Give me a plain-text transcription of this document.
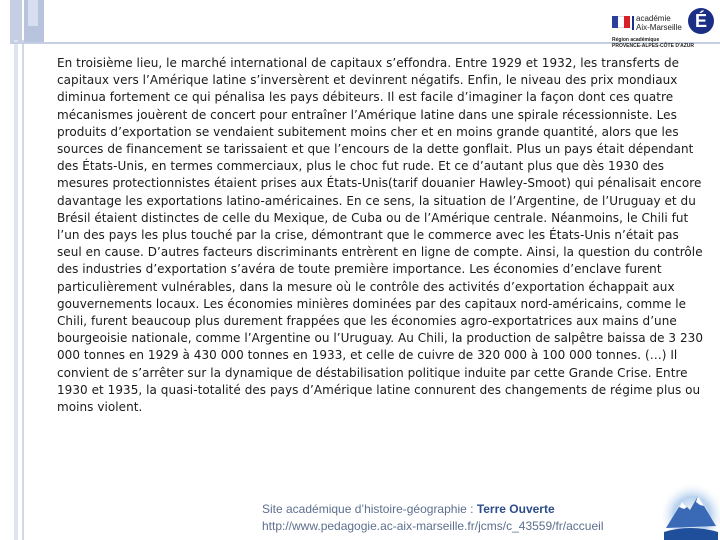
académie
Aix-Marseille É
Région académique
PROVENCE-ALPES-CÔTE D'AZUR

En troisième lieu, le marché international de capitaux s’effondra. Entre 1929 et 1932, les transferts de capitaux vers l’Amérique latine s’inversèrent et devinrent négatifs. Enfin, le niveau des prix mondiaux diminua fortement ce qui pénalisa les pays débiteurs. Il est facile d’imaginer la façon dont ces quatre mécanismes jouèrent de concert pour entraîner l’Amérique latine dans une spirale récessionniste. Les produits d’exportation se vendaient subitement moins cher et en moins grande quantité, alors que les sources de financement se tarissaient et que l’encours de la dette gonflait. Plus un pays était dépendant des États-Unis, en termes commerciaux, plus le choc fut rude. Et ce d’autant plus que dès 1930 des mesures protectionnistes étaient prises aux États-Unis(tarif douanier Hawley-Smoot) qui pénalisait encore davantage les exportations latino-américaines. En ce sens, la situation de l’Argentine, de l’Uruguay et du Brésil étaient distinctes de celle du Mexique, de Cuba ou de l’Amérique centrale. Néanmoins, le Chili fut l’un des pays les plus touché par la crise, démontrant que le commerce avec les États-Unis n’était pas seul en cause. D’autres facteurs discriminants entrèrent en ligne de compte. Ainsi, la question du contrôle des industries d’exportation s’avéra de toute première importance. Les économies d’enclave furent particulièrement vulnérables, dans la mesure où le contrôle des activités d’exportation échappait aux gouvernements locaux. Les économies minières dominées par des capitaux nord-américains, comme le Chili, furent beaucoup plus durement frappées que les économies agro-exportatrices aux mains d’une bourgeoisie nationale, comme l’Argentine ou l’Uruguay. Au Chili, la production de salpêtre baissa de 3 230 000 tonnes en 1929 à 430 000 tonnes en 1933, et celle de cuivre de 320 000 à 100 000 tonnes. (…) Il convient de s’arrêter sur la dynamique de déstabilisation politique induite par cette Grande Crise. Entre 1930 et 1935, la quasi-totalité des pays d’Amérique latine connurent des changements de régime plus ou moins violent.

Site académique d’histoire-géographie : Terre Ouverte
http://www.pedagogie.ac-aix-marseille.fr/jcms/c_43559/fr/accueil
